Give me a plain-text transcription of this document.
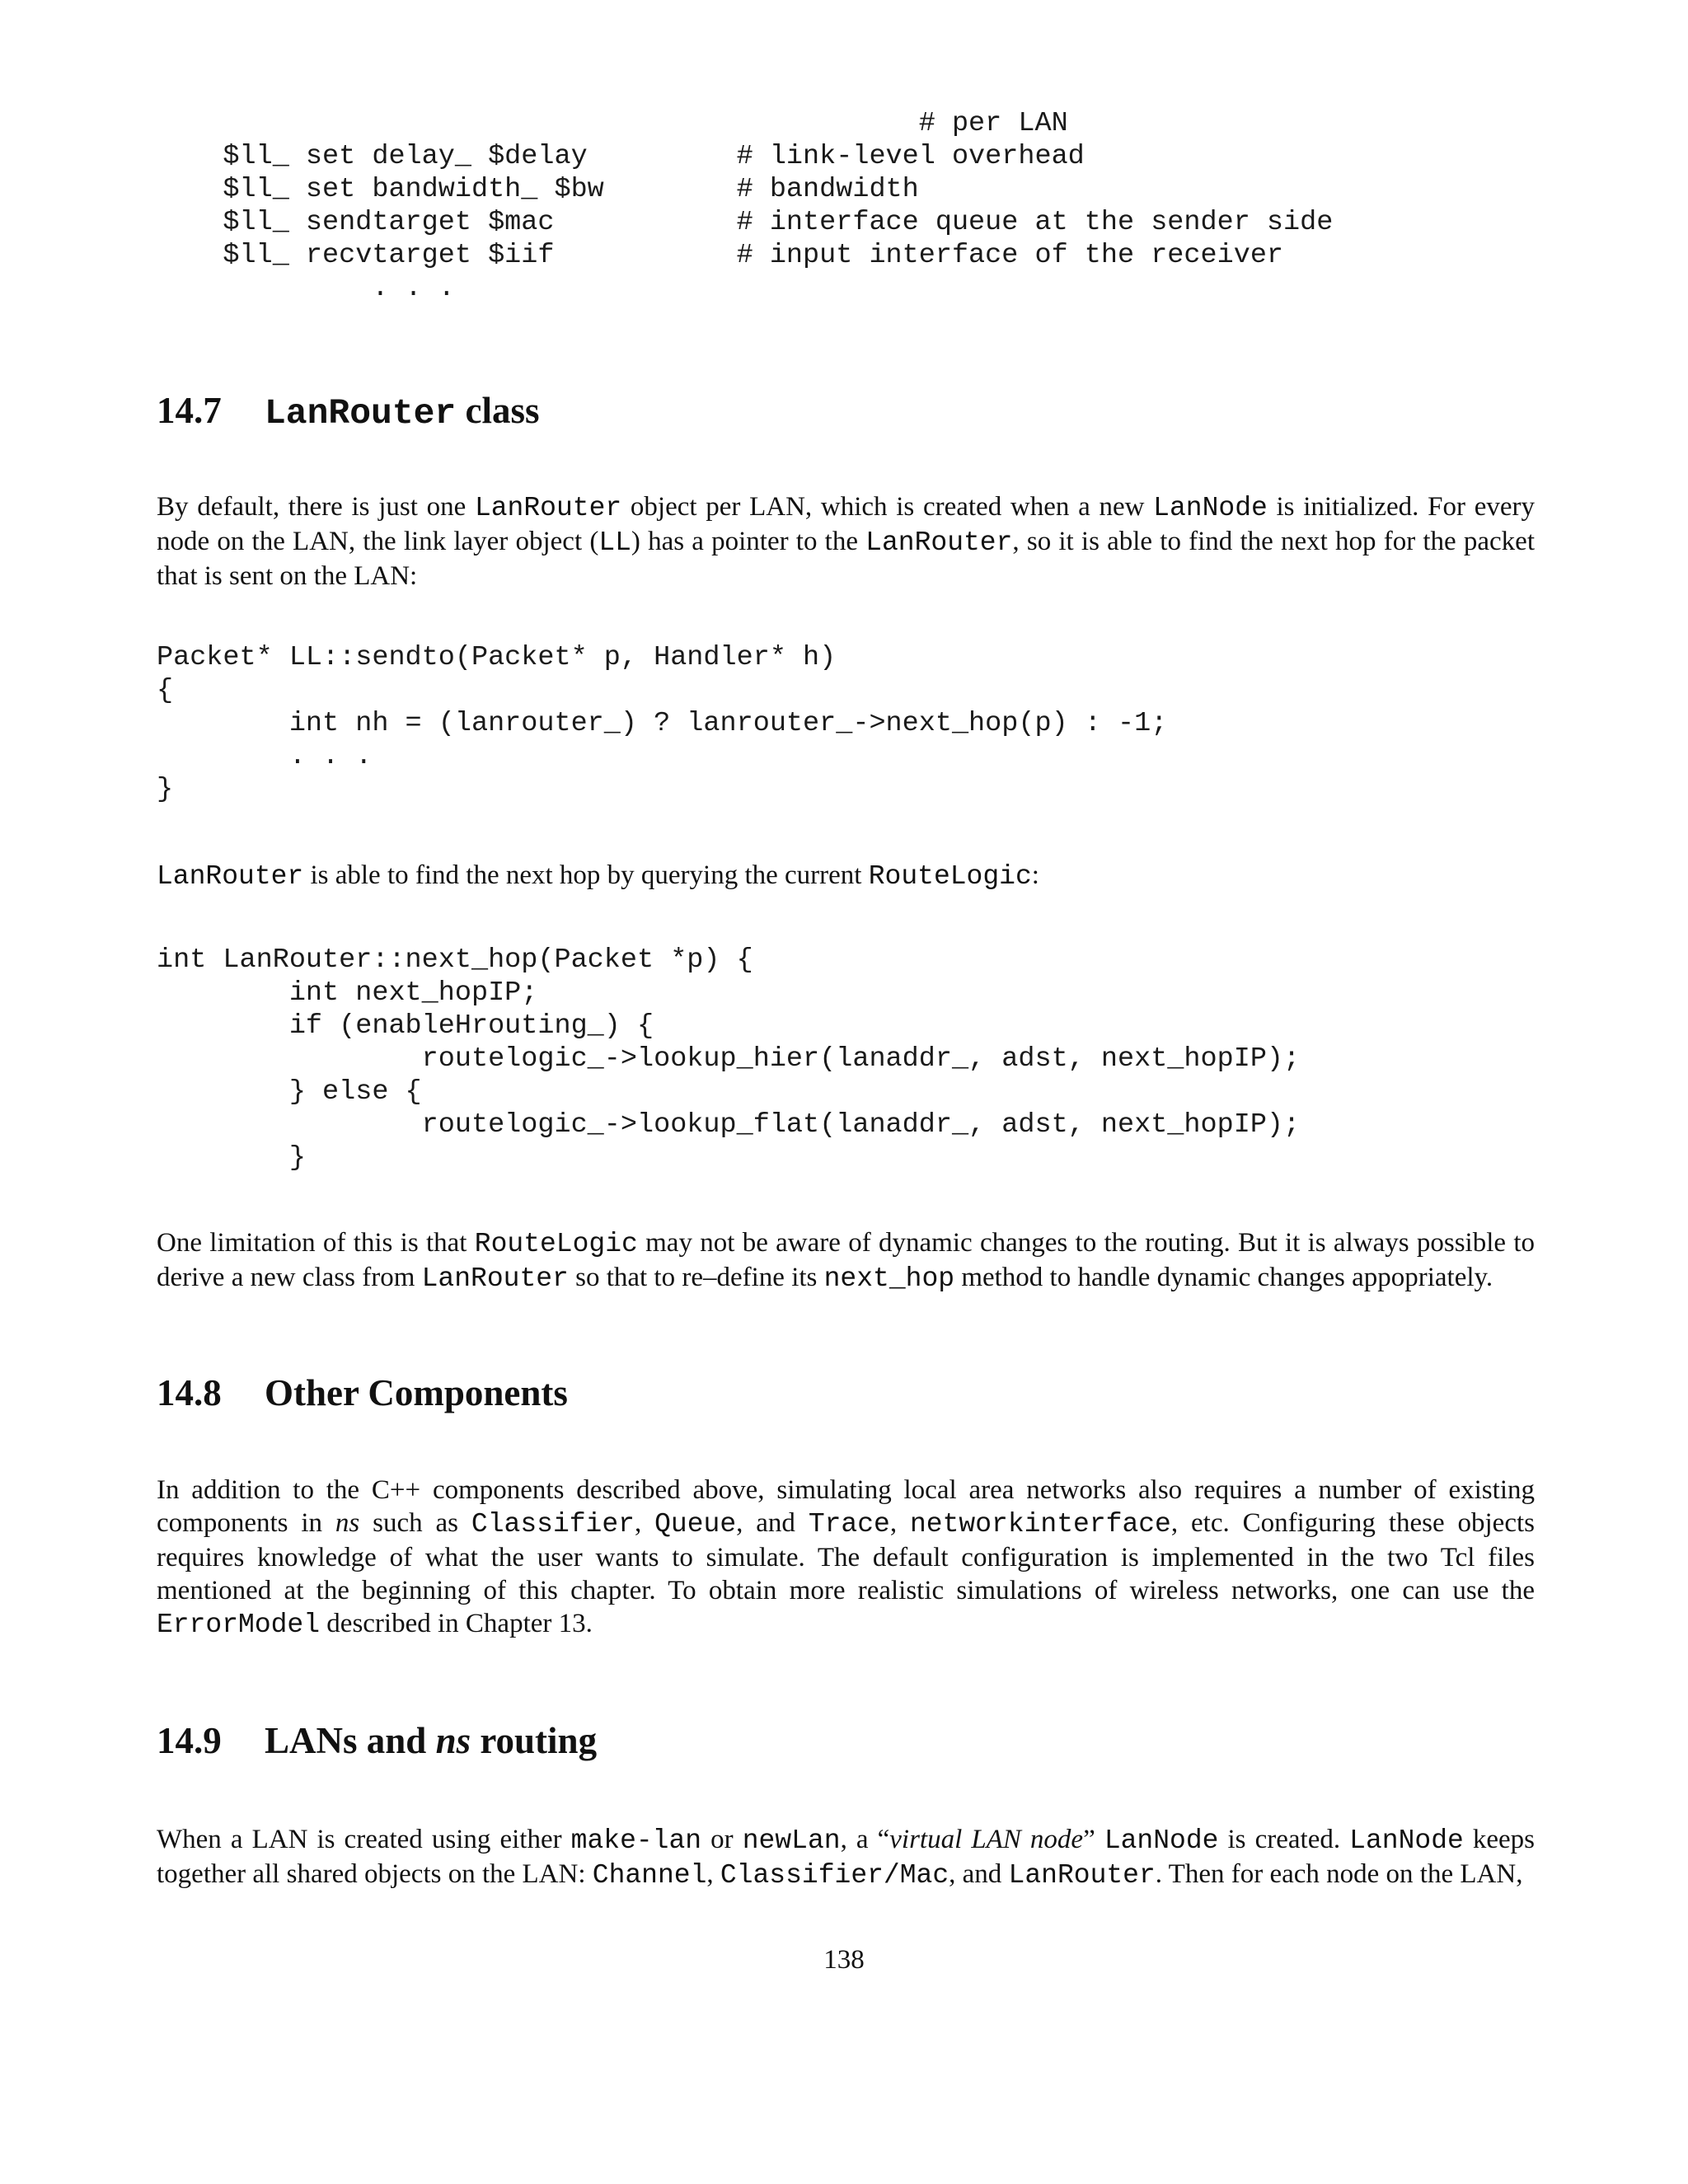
# per LAN
$ll_ set delay_ $delay         # link-level overhead
$ll_ set bandwidth_ $bw        # bandwidth
$ll_ sendtarget $mac           # interface queue at the sender side
$ll_ recvtarget $iif           # input interface of the receiver
. . .
14.7 LanRouter class

By default, there is just one LanRouter object per LAN, which is created when a new LanNode is initialized. For every node on the LAN, the link layer object (LL) has a pointer to the LanRouter, so it is able to find the next hop for the packet that is sent on the LAN:

Packet* LL::sendto(Packet* p, Handler* h)
{
int nh = (lanrouter_) ? lanrouter_->next_hop(p) : -1;
. . .
}

LanRouter is able to find the next hop by querying the current RouteLogic:

int LanRouter::next_hop(Packet *p) {
int next_hopIP;
if (enableHrouting_) {
routelogic_->lookup_hier(lanaddr_, adst, next_hopIP);
} else {
routelogic_->lookup_flat(lanaddr_, adst, next_hopIP);
}

One limitation of this is that RouteLogic may not be aware of dynamic changes to the routing. But it is always possible to derive a new class from LanRouter so that to re–define its next_hop method to handle dynamic changes appopriately.

14.8 Other Components

In addition to the C++ components described above, simulating local area networks also requires a number of existing components in ns such as Classifier, Queue, and Trace, networkinterface, etc. Configuring these objects requires knowledge of what the user wants to simulate. The default configuration is implemented in the two Tcl files mentioned at the beginning of this chapter. To obtain more realistic simulations of wireless networks, one can use the ErrorModel described in Chapter 13.

14.9 LANs and ns routing

When a LAN is created using either make-lan or newLan, a “virtual LAN node” LanNode is created. LanNode keeps together all shared objects on the LAN: Channel, Classifier/Mac, and LanRouter. Then for each node on the LAN,

138
